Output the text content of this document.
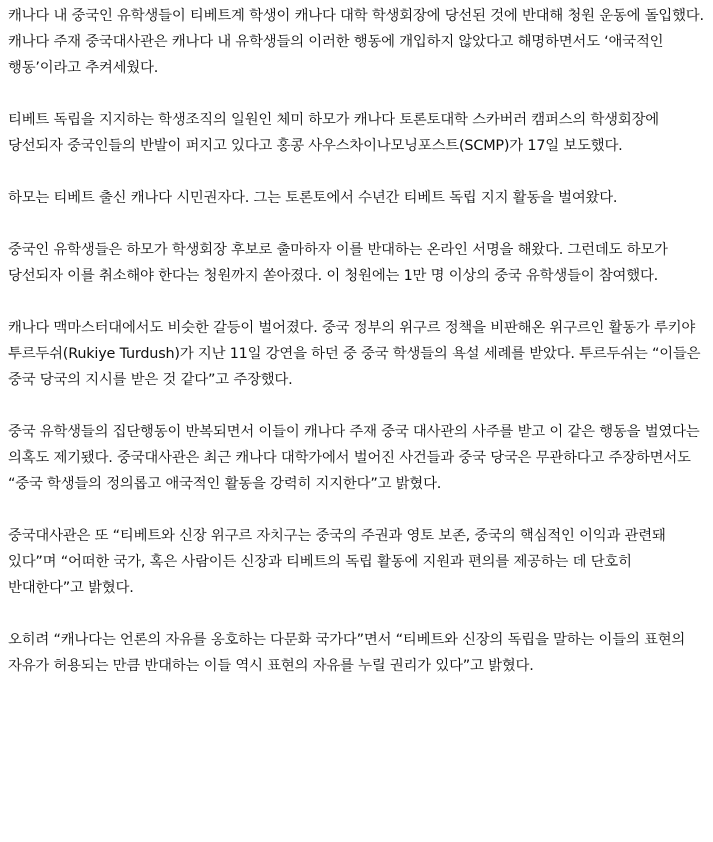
캐나다 내 중국인 유학생들이 티베트계 학생이 캐나다 대학 학생회장에 당선된 것에 반대해 청원 운동에 돌입했다. 캐나다 주재 중국대사관은 캐나다 내 유학생들의 이러한 행동에 개입하지 않았다고 해명하면서도 ‘애국적인 행동’이라고 추켜세웠다.

티베트 독립을 지지하는 학생조직의 일원인 체미 하모가 캐나다 토론토대학 스카버러 캠퍼스의 학생회장에 당선되자 중국인들의 반발이 퍼지고 있다고 홍콩 사우스차이나모닝포스트(SCMP)가 17일 보도했다.

하모는 티베트 출신 캐나다 시민권자다. 그는 토론토에서 수년간 티베트 독립 지지 활동을 벌여왔다.

중국인 유학생들은 하모가 학생회장 후보로 출마하자 이를 반대하는 온라인 서명을 해왔다. 그런데도 하모가 당선되자 이를 취소해야 한다는 청원까지 쏟아졌다. 이 청원에는 1만 명 이상의 중국 유학생들이 참여했다.

캐나다 맥마스터대에서도 비슷한 갈등이 벌어졌다. 중국 정부의 위구르 정책을 비판해온 위구르인 활동가 루키야 투르두쉬(Rukiye Turdush)가 지난 11일 강연을 하던 중 중국 학생들의 욕설 세례를 받았다. 투르두쉬는 “이들은 중국 당국의 지시를 받은 것 같다”고 주장했다.

중국 유학생들의 집단행동이 반복되면서 이들이 캐나다 주재 중국 대사관의 사주를 받고 이 같은 행동을 벌였다는 의혹도 제기됐다. 중국대사관은 최근 캐나다 대학가에서 벌어진 사건들과 중국 당국은 무관하다고 주장하면서도 “중국 학생들의 정의롭고 애국적인 활동을 강력히 지지한다”고 밝혔다.

중국대사관은 또 “티베트와 신장 위구르 자치구는 중국의 주권과 영토 보존, 중국의 핵심적인 이익과 관련돼 있다”며 “어떠한 국가, 혹은 사람이든 신장과 티베트의 독립 활동에 지원과 편의를 제공하는 데 단호히 반대한다”고 밝혔다.

오히려 “캐나다는 언론의 자유를 옹호하는 다문화 국가다”면서 “티베트와 신장의 독립을 말하는 이들의 표현의 자유가 허용되는 만큼 반대하는 이들 역시 표현의 자유를 누릴 권리가 있다”고 밝혔다.
